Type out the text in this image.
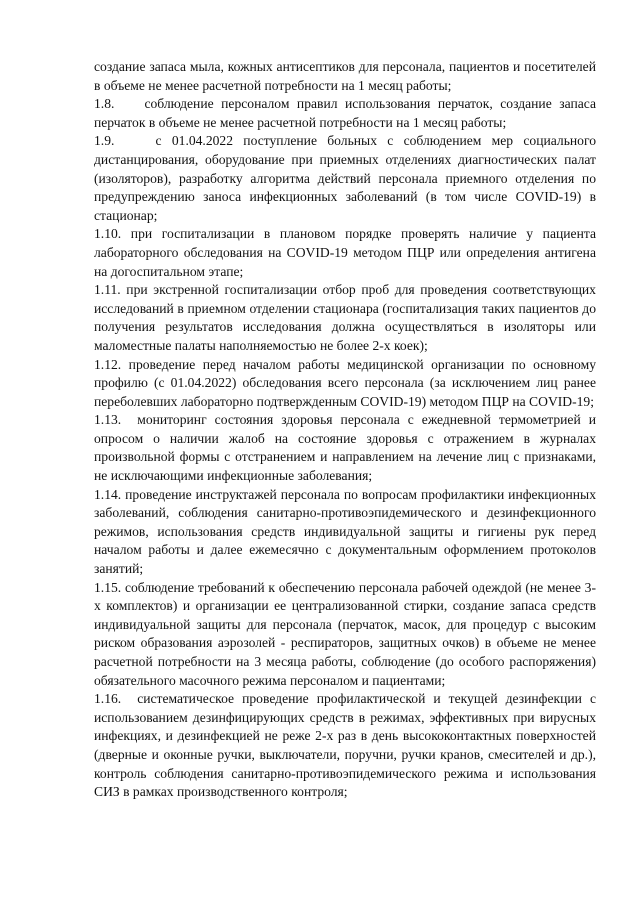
создание запаса мыла, кожных антисептиков для персонала, пациентов и посетителей в объеме не менее расчетной потребности на 1 месяц работы;

1.8. соблюдение персоналом правил использования перчаток, создание запаса перчаток в объеме не менее расчетной потребности на 1 месяц работы;

1.9.	с 01.04.2022 поступление больных с соблюдением мер социального дистанцирования, оборудование при приемных отделениях диагностических палат (изоляторов), разработку алгоритма действий персонала приемного отделения по предупреждению заноса инфекционных заболеваний (в том числе COVID-19) в стационар;

1.10. при госпитализации в плановом порядке проверять наличие у пациента лабораторного обследования на COVID-19 методом ПЦР или определения антигена на догоспитальном этапе;

1.11. при экстренной госпитализации отбор проб для проведения соответствующих исследований в приемном отделении стационара (госпитализация таких пациентов до получения результатов исследования должна осуществляться в изоляторы или маломестные палаты наполняемостью не более 2-х коек);

1.12. проведение перед началом работы медицинской организации по основному профилю (с 01.04.2022) обследования всего персонала (за исключением лиц ранее переболевших лабораторно подтвержденным COVID-19) методом ПЦР на COVID-19;

1.13. мониторинг состояния здоровья персонала с ежедневной термометрией и опросом о наличии жалоб на состояние здоровья с отражением в журналах произвольной формы с отстранением и направлением на лечение лиц с признаками, не исключающими инфекционные заболевания;

1.14. проведение инструктажей персонала по вопросам профилактики инфекционных заболеваний, соблюдения санитарно-противоэпидемического и дезинфекционного режимов, использования средств индивидуальной защиты и гигиены рук перед началом работы и далее ежемесячно с документальным оформлением протоколов занятий;

1.15. соблюдение требований к обеспечению персонала рабочей одеждой (не менее 3-х комплектов) и организации ее централизованной стирки, создание запаса средств индивидуальной защиты для персонала (перчаток, масок, для процедур с высоким риском образования аэрозолей - респираторов, защитных очков) в объеме не менее расчетной потребности на 3 месяца работы, соблюдение (до особого распоряжения) обязательного масочного режима персоналом и пациентами;

1.16. систематическое проведение профилактической и текущей дезинфекции с использованием дезинфицирующих средств в режимах, эффективных при вирусных инфекциях, и дезинфекцией не реже 2-х раз в день высококонтактных поверхностей (дверные и оконные ручки, выключатели, поручни, ручки кранов, смесителей и др.), контроль соблюдения санитарно-противоэпидемического режима и использования СИЗ в рамках производственного контроля;
